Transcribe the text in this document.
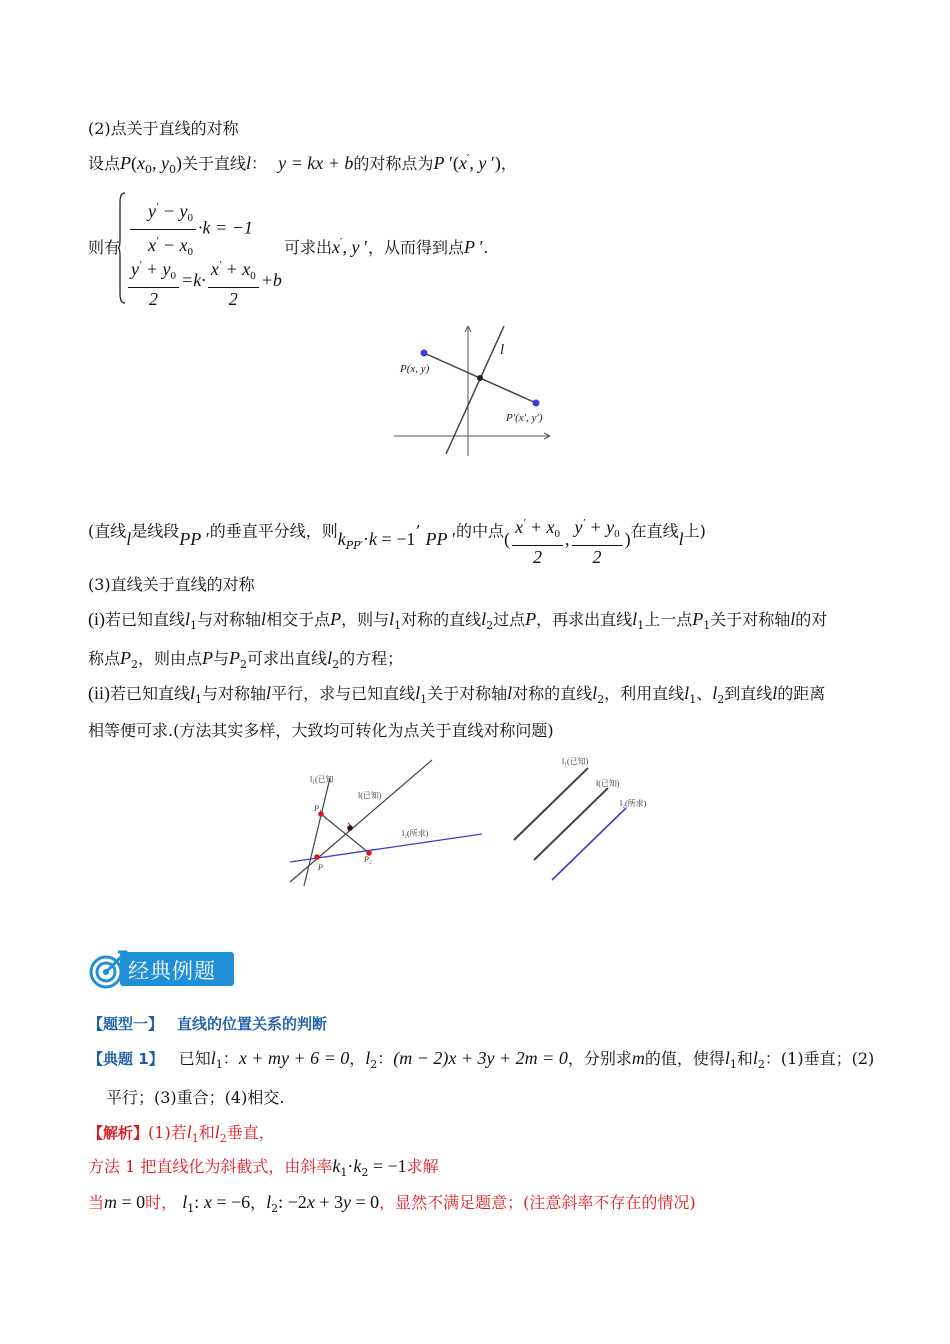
(2)点关于直线的对称
设点$P(x_0$, $y_0$)关于直线l： y = kx + b的对称点为P ′(x′, y ′)，
则有 $\frac{y' - y_0}{x' - x_0} \cdot k = -1$
$\frac{y' + y_0}{2} =k\cdot \frac{x' + x_0}{2} +b$
可求出x′, y ′，从而得到点P ′.
P(x, y)
P′(x′, y′)
l
(直线l是线段PP ′的垂直平分线，则$k_{PP'}\cdot k = -1$’ PP ′的中点( $\frac{x' + x_0}{2}$ , $\frac{y' + y_0}{2}$ )在直线l上)
(3)直线关于直线的对称
(i)若已知直线$l_1$与对称轴l相交于点P，则与$l_1$对称的直线$l_2$过点P，再求出直线$l_1$上一点$P_1$关于对称轴l的对
称点$P_2$，则由点P与$P_2$可求出直线$l_2$的方程；
(ii)若已知直线$l_1$与对称轴l平行，求与已知直线$l_1$关于对称轴l对称的直线$l_2$，利用直线$l_1$、$l_2$到直线l的距离
相等便可求.(方法其实多样，大致均可转化为点关于直线对称问题)
l₁(已知
l(已知)
l₂(所求)
P₁
P
P₂
l₁(已知)
l(已知)
l₂(所求)
经典例题
【题型一】 直线的位置关系的判断
【典题 1】 已知$l_1$：x + my + 6 = 0，$l_2$：(m − 2)x + 3y + 2m = 0，分别求m的值，使得$l_1$和$l_2$：(1)垂直；(2)
平行；(3)重合；(4)相交.
【解析】(1)若$l_1$和$l_2$垂直，
方法 1 把直线化为斜截式，由斜率$k_1\cdot k_2 = -1$求解
当m = 0时， $l_1$: x = −6，$l_2$: −2x + 3y = 0，显然不满足题意；(注意斜率不存在的情况)
